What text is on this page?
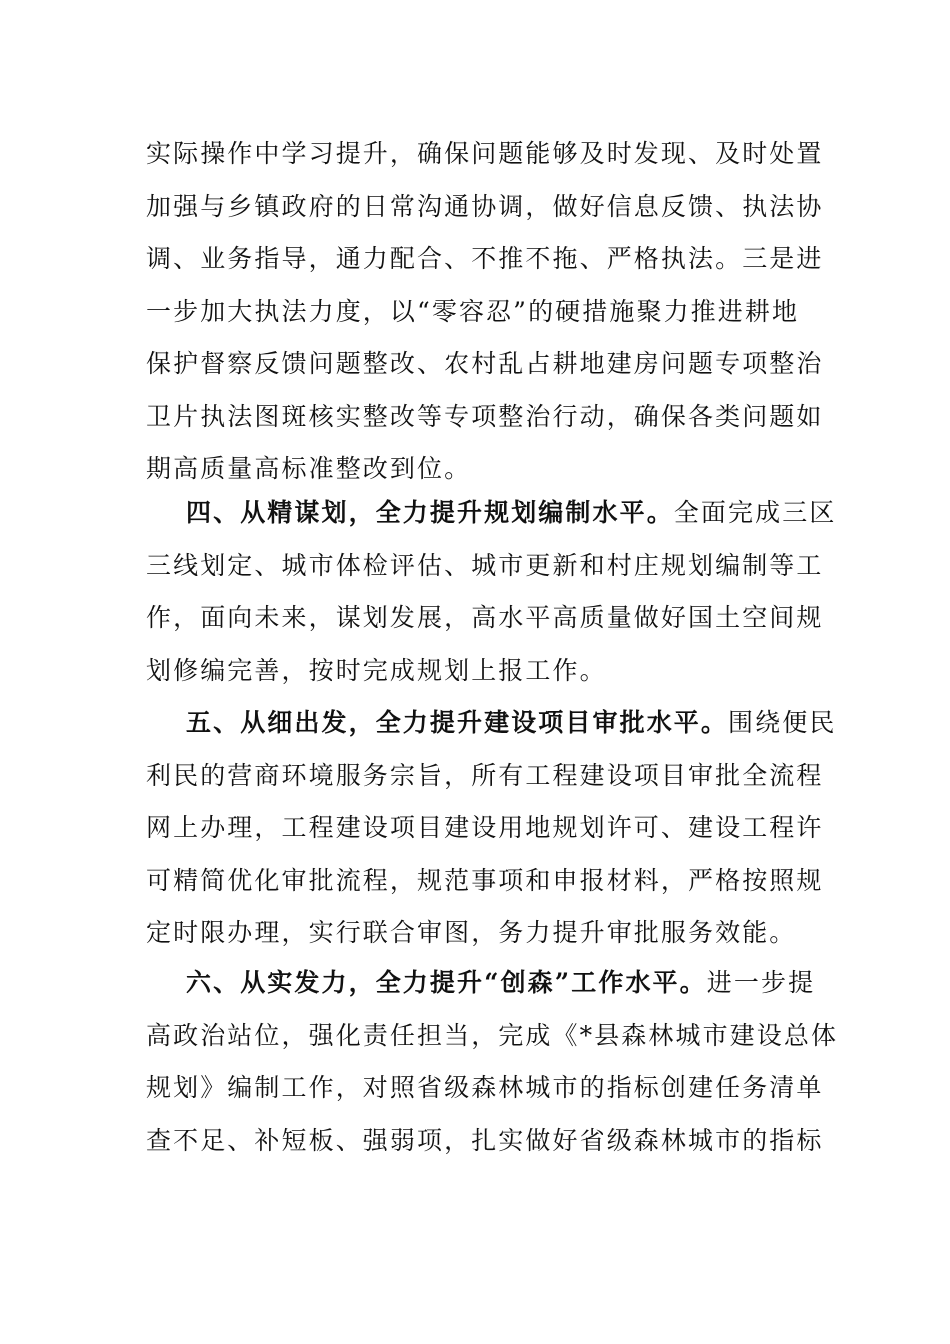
实际操作中学习提升，确保问题能够及时发现、及时处置
加强与乡镇政府的日常沟通协调，做好信息反馈、执法协
调、业务指导，通力配合、不推不拖、严格执法。三是进
一步加大执法力度，以“零容忍”的硬措施聚力推进耕地
保护督察反馈问题整改、农村乱占耕地建房问题专项整治
卫片执法图斑核实整改等专项整治行动，确保各类问题如
期高质量高标准整改到位。
四、从精谋划，全力提升规划编制水平。全面完成三区
三线划定、城市体检评估、城市更新和村庄规划编制等工
作，面向未来，谋划发展，高水平高质量做好国土空间规
划修编完善，按时完成规划上报工作。
五、从细出发，全力提升建设项目审批水平。围绕便民
利民的营商环境服务宗旨，所有工程建设项目审批全流程
网上办理，工程建设项目建设用地规划许可、建设工程许
可精简优化审批流程，规范事项和申报材料，严格按照规
定时限办理，实行联合审图，务力提升审批服务效能。
六、从实发力，全力提升“创森”工作水平。进一步提
高政治站位，强化责任担当，完成《*县森林城市建设总体
规划》编制工作，对照省级森林城市的指标创建任务清单
查不足、补短板、强弱项，扎实做好省级森林城市的指标
